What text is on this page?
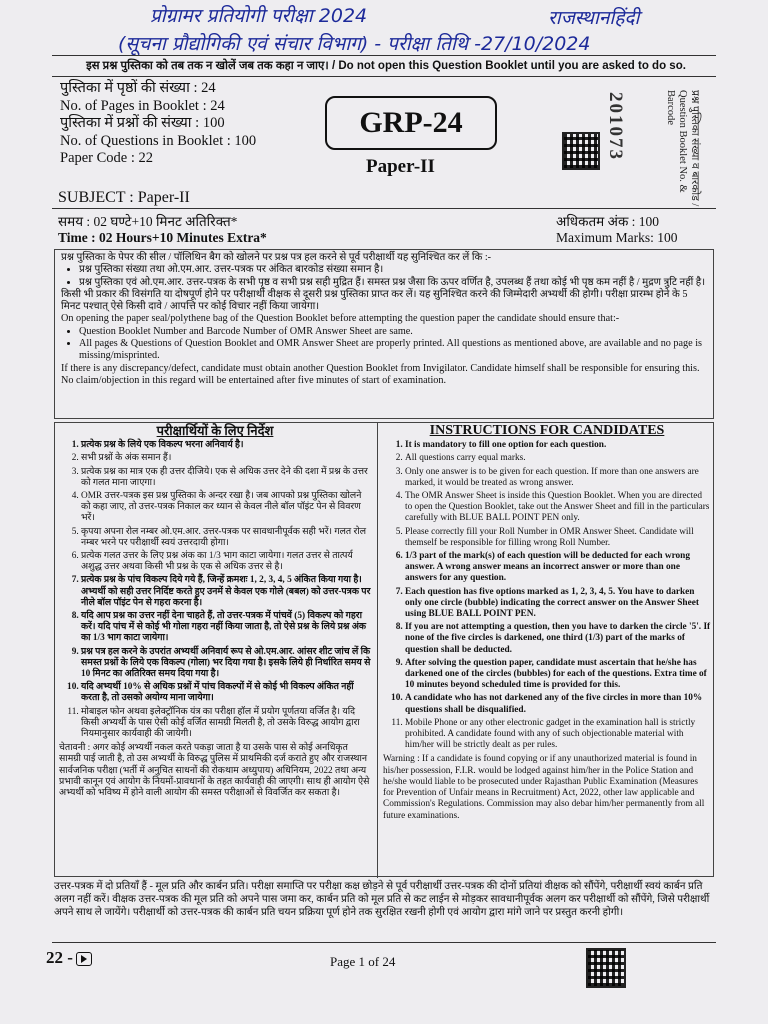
प्रोग्रामर प्रतियोगी परीक्षा 2024	राजस्थानहिंदी
(सूचना प्रौद्योगिकी एवं संचार विभाग) - परीक्षा तिथि -27/10/2024
इस प्रश्न पुस्तिका को तब तक न खोलें जब तक कहा न जाए। / Do not open this Question Booklet until you are asked to do so.
पुस्तिका में पृष्ठों की संख्या : 24
No. of Pages in Booklet : 24
पुस्तिका में प्रश्नों की संख्या : 100
No. of Questions in Booklet : 100
Paper Code : 22
GRP-24
Paper-II	प्रश्न पुस्तिका संख्या व बारकोड / Question Booklet No. & Barcode
201073
SUBJECT : Paper-II
समय : 02 घण्टे+10 मिनट अतिरिक्त*
Time : 02 Hours+10 Minutes Extra*
अधिकतम अंक : 100
Maximum Marks: 100

प्रश्न पुस्तिका के पेपर की सील / पॉलिथिन बैग को खोलने पर प्रश्न पत्र हल करने से पूर्व परीक्षार्थी यह सुनिश्चित कर लें कि :-

• प्रश्न पुस्तिका संख्या तथा ओ.एम.आर. उत्तर-पत्रक पर अंकित बारकोड संख्या समान है।
• प्रश्न पुस्तिका एवं ओ.एम.आर. उत्तर-पत्रक के सभी पृष्ठ व सभी प्रश्न सही मुद्रित हैं। समस्त प्रश्न जैसा कि ऊपर वर्णित है, उपलब्ध हैं तथा कोई भी पृष्ठ कम नहीं है / मुद्रण त्रुटि नहीं है।

किसी भी प्रकार की विसंगति या दोषपूर्ण होने पर परीक्षार्थी वीक्षक से दूसरी प्रश्न पुस्तिका प्राप्त कर लें। यह सुनिश्चित करने की जिम्मेदारी अभ्यर्थी की होगी। परीक्षा प्रारम्भ होने के 5 मिनट पश्चात् ऐसे किसी दावे / आपत्ति पर कोई विचार नहीं किया जायेगा।

On opening the paper seal/polythene bag of the Question Booklet before attempting the question paper the candidate should ensure that:-

• Question Booklet Number and Barcode Number of OMR Answer Sheet are same.
• All pages & Questions of Question Booklet and OMR Answer Sheet are properly printed. All questions as mentioned above, are available and no page is missing/misprinted.

If there is any discrepancy/defect, candidate must obtain another Question Booklet from Invigilator. Candidate himself shall be responsible for ensuring this. No claim/objection in this regard will be entertained after five minutes of start of examination.

परीक्षार्थियों के लिए निर्देश
1. प्रत्येक प्रश्न के लिये एक विकल्प भरना अनिवार्य है।
2. सभी प्रश्नों के अंक समान हैं।
3. प्रत्येक प्रश्न का मात्र एक ही उत्तर दीजिये। एक से अधिक उत्तर देने की दशा में प्रश्न के उत्तर को गलत माना जाएगा।
4. OMR उत्तर-पत्रक इस प्रश्न पुस्तिका के अन्दर रखा है। जब आपको प्रश्न पुस्तिका खोलने को कहा जाए, तो उत्तर-पत्रक निकाल कर ध्यान से केवल नीले बॉल पॉइंट पेन से विवरण भरें।
5. कृपया अपना रोल नम्बर ओ.एम.आर. उत्तर-पत्रक पर सावधानीपूर्वक सही भरें। गलत रोल नम्बर भरने पर परीक्षार्थी स्वयं उत्तरदायी होगा।
6. प्रत्येक गलत उत्तर के लिए प्रश्न अंक का 1/3 भाग काटा जायेगा। गलत उत्तर से तात्पर्य अशुद्ध उत्तर अथवा किसी भी प्रश्न के एक से अधिक उत्तर से है।
7. प्रत्येक प्रश्न के पांच विकल्प दिये गये हैं, जिन्हें क्रमशः 1, 2, 3, 4, 5 अंकित किया गया है। अभ्यर्थी को सही उत्तर निर्दिष्ट करते हुए उनमें से केवल एक गोले (बबल) को उत्तर-पत्रक पर नीले बॉल पॉइंट पेन से गहरा करना है।
8. यदि आप प्रश्न का उत्तर नहीं देना चाहते हैं, तो उत्तर-पत्रक में पांचवें (5) विकल्प को गहरा करें। यदि पांच में से कोई भी गोला गहरा नहीं किया जाता है, तो ऐसे प्रश्न के लिये प्रश्न अंक का 1/3 भाग काटा जायेगा।
9. प्रश्न पत्र हल करने के उपरांत अभ्यर्थी अनिवार्य रूप से ओ.एम.आर. आंसर शीट जांच लें कि समस्त प्रश्नों के लिये एक विकल्प (गोला) भर दिया गया है। इसके लिये ही निर्धारित समय से 10 मिनट का अतिरिक्त समय दिया गया है।
10. यदि अभ्यर्थी 10% से अधिक प्रश्नों में पांच विकल्पों में से कोई भी विकल्प अंकित नहीं करता है, तो उसको अयोग्य माना जायेगा।
11. मोबाइल फोन अथवा इलेक्ट्रॉनिक यंत्र का परीक्षा हॉल में प्रयोग पूर्णतया वर्जित है। यदि किसी अभ्यर्थी के पास ऐसी कोई वर्जित सामग्री मिलती है, तो उसके विरुद्ध आयोग द्वारा नियमानुसार कार्यवाही की जायेगी।

चेतावनी : अगर कोई अभ्यर्थी नकल करते पकड़ा जाता है या उसके पास से कोई अनधिकृत सामग्री पाई जाती है, तो उस अभ्यर्थी के विरुद्ध पुलिस में प्राथमिकी दर्ज कराते हुए और राजस्थान सार्वजनिक परीक्षा (भर्ती में अनुचित साधनों की रोकथाम अध्युपाय) अधिनियम, 2022 तथा अन्य प्रभावी कानून एवं आयोग के नियमों-प्रावधानों के तहत कार्यवाही की जाएगी। साथ ही आयोग ऐसे अभ्यर्थी को भविष्य में होने वाली आयोग की समस्त परीक्षाओं से विवर्जित कर सकता है।

INSTRUCTIONS FOR CANDIDATES
1. It is mandatory to fill one option for each question.
2. All questions carry equal marks.
3. Only one answer is to be given for each question. If more than one answers are marked, it would be treated as wrong answer.
4. The OMR Answer Sheet is inside this Question Booklet. When you are directed to open the Question Booklet, take out the Answer Sheet and fill in the particulars carefully with BLUE BALL POINT PEN only.
5. Please correctly fill your Roll Number in OMR Answer Sheet. Candidate will themself be responsible for filling wrong Roll Number.
6. 1/3 part of the mark(s) of each question will be deducted for each wrong answer. A wrong answer means an incorrect answer or more than one answers for any question.
7. Each question has five options marked as 1, 2, 3, 4, 5. You have to darken only one circle (bubble) indicating the correct answer on the Answer Sheet using BLUE BALL POINT PEN.
8. If you are not attempting a question, then you have to darken the circle '5'. If none of the five circles is darkened, one third (1/3) part of the marks of question shall be deducted.
9. After solving the question paper, candidate must ascertain that he/she has darkened one of the circles (bubbles) for each of the questions. Extra time of 10 minutes beyond scheduled time is provided for this.
10. A candidate who has not darkened any of the five circles in more than 10% questions shall be disqualified.
11. Mobile Phone or any other electronic gadget in the examination hall is strictly prohibited. A candidate found with any of such objectionable material with him/her will be strictly dealt as per rules.

Warning : If a candidate is found copying or if any unauthorized material is found in his/her possession, F.I.R. would be lodged against him/her in the Police Station and he/she would liable to be prosecuted under Rajasthan Public Examination (Measures for Prevention of Unfair means in Recruitment) Act, 2022, other law applicable and Commission's Regulations. Commission may also debar him/her permanently from all future examinations.

उत्तर-पत्रक में दो प्रतियाँ हैं - मूल प्रति और कार्बन प्रति। परीक्षा समाप्ति पर परीक्षा कक्ष छोड़ने से पूर्व परीक्षार्थी उत्तर-पत्रक की दोनों प्रतियां वीक्षक को सौंपेंगे, परीक्षार्थी स्वयं कार्बन प्रति अलग नहीं करें। वीक्षक उत्तर-पत्रक की मूल प्रति को अपने पास जमा कर, कार्बन प्रति को मूल प्रति से कट लाईन से मोड़कर सावधानीपूर्वक अलग कर परीक्षार्थी को सौंपेंगे, जिसे परीक्षार्थी अपने साथ ले जायेंगे। परीक्षार्थी को उत्तर-पत्रक की कार्बन प्रति चयन प्रक्रिया पूर्ण होने तक सुरक्षित रखनी होगी एवं आयोग द्वारा मांगे जाने पर प्रस्तुत करनी होगी।
22 -	Page 1 of 24
